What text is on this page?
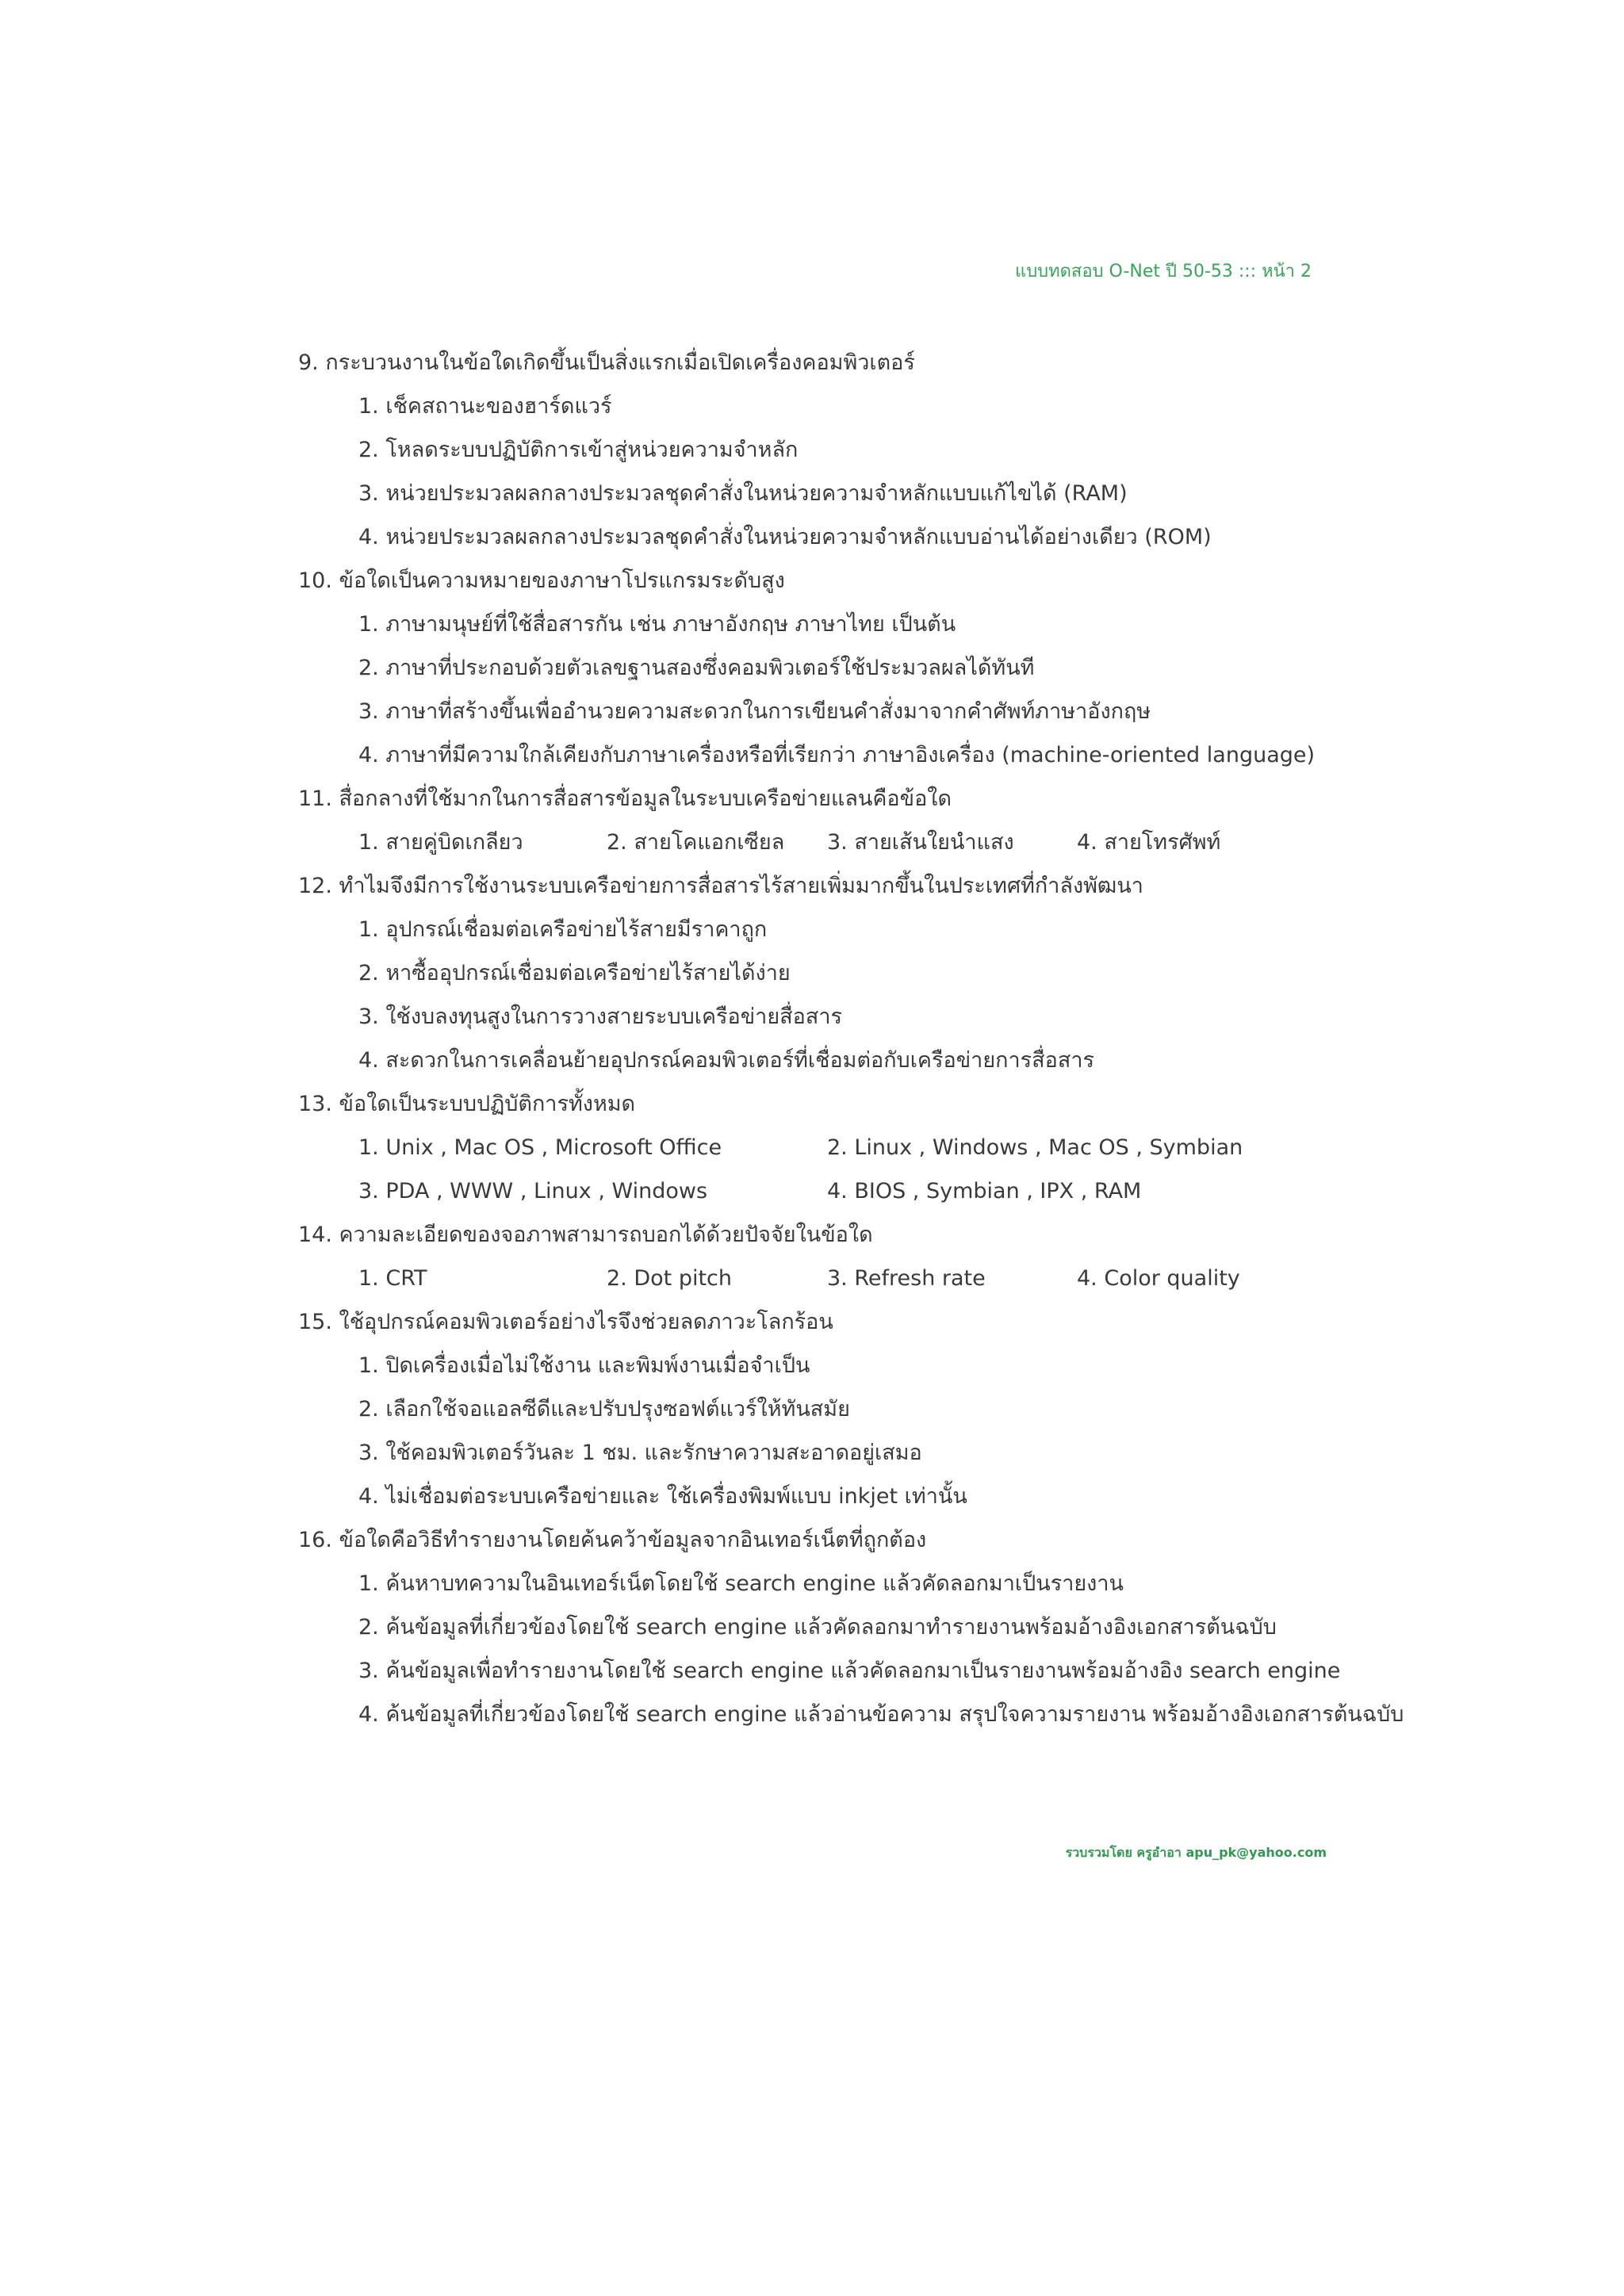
แบบทดสอบ O-Net ปี 50-53 ::: หน้า 2
9. กระบวนงานในข้อใดเกิดขึ้นเป็นสิ่งแรกเมื่อเปิดเครื่องคอมพิวเตอร์
1. เช็คสถานะของฮาร์ดแวร์
2. โหลดระบบปฏิบัติการเข้าสู่หน่วยความจำหลัก
3. หน่วยประมวลผลกลางประมวลชุดคำสั่งในหน่วยความจำหลักแบบแก้ไขได้ (RAM)
4. หน่วยประมวลผลกลางประมวลชุดคำสั่งในหน่วยความจำหลักแบบอ่านได้อย่างเดียว (ROM)
10. ข้อใดเป็นความหมายของภาษาโปรแกรมระดับสูง
1. ภาษามนุษย์ที่ใช้สื่อสารกัน เช่น ภาษาอังกฤษ ภาษาไทย เป็นต้น
2. ภาษาที่ประกอบด้วยตัวเลขฐานสองซึ่งคอมพิวเตอร์ใช้ประมวลผลได้ทันที
3. ภาษาที่สร้างขึ้นเพื่ออำนวยความสะดวกในการเขียนคำสั่งมาจากคำศัพท์ภาษาอังกฤษ
4. ภาษาที่มีความใกล้เคียงกับภาษาเครื่องหรือที่เรียกว่า ภาษาอิงเครื่อง (machine-oriented language)
11. สื่อกลางที่ใช้มากในการสื่อสารข้อมูลในระบบเครือข่ายแลนคือข้อใด
1. สายคู่บิดเกลียว	2. สายโคแอกเซียล 3. สายเส้นใยนำแสง	4. สายโทรศัพท์
12. ทำไมจึงมีการใช้งานระบบเครือข่ายการสื่อสารไร้สายเพิ่มมากขึ้นในประเทศที่กำลังพัฒนา
1. อุปกรณ์เชื่อมต่อเครือข่ายไร้สายมีราคาถูก
2. หาซื้ออุปกรณ์เชื่อมต่อเครือข่ายไร้สายได้ง่าย
3. ใช้งบลงทุนสูงในการวางสายระบบเครือข่ายสื่อสาร
4. สะดวกในการเคลื่อนย้ายอุปกรณ์คอมพิวเตอร์ที่เชื่อมต่อกับเครือข่ายการสื่อสาร
13. ข้อใดเป็นระบบปฏิบัติการทั้งหมด
1. Unix , Mac OS , Microsoft Office	2. Linux , Windows , Mac OS , Symbian
3. PDA , WWW , Linux , Windows	4. BIOS , Symbian , IPX , RAM
14. ความละเอียดของจอภาพสามารถบอกได้ด้วยปัจจัยในข้อใด
1. CRT	2. Dot pitch	3. Refresh rate	4. Color quality
15. ใช้อุปกรณ์คอมพิวเตอร์อย่างไรจึงช่วยลดภาวะโลกร้อน
1. ปิดเครื่องเมื่อไม่ใช้งาน และพิมพ์งานเมื่อจำเป็น
2. เลือกใช้จอแอลซีดีและปรับปรุงซอฟต์แวร์ให้ทันสมัย
3. ใช้คอมพิวเตอร์วันละ 1 ชม. และรักษาความสะอาดอยู่เสมอ
4. ไม่เชื่อมต่อระบบเครือข่ายและ ใช้เครื่องพิมพ์แบบ inkjet เท่านั้น
16. ข้อใดคือวิธีทำรายงานโดยค้นคว้าข้อมูลจากอินเทอร์เน็ตที่ถูกต้อง
1. ค้นหาบทความในอินเทอร์เน็ตโดยใช้ search engine แล้วคัดลอกมาเป็นรายงาน
2. ค้นข้อมูลที่เกี่ยวข้องโดยใช้ search engine แล้วคัดลอกมาทำรายงานพร้อมอ้างอิงเอกสารต้นฉบับ
3. ค้นข้อมูลเพื่อทำรายงานโดยใช้ search engine แล้วคัดลอกมาเป็นรายงานพร้อมอ้างอิง search engine
4. ค้นข้อมูลที่เกี่ยวข้องโดยใช้ search engine แล้วอ่านข้อความ สรุปใจความรายงาน พร้อมอ้างอิงเอกสารต้นฉบับ
รวบรวมโดย ครูอำอา apu_pk@yahoo.com
